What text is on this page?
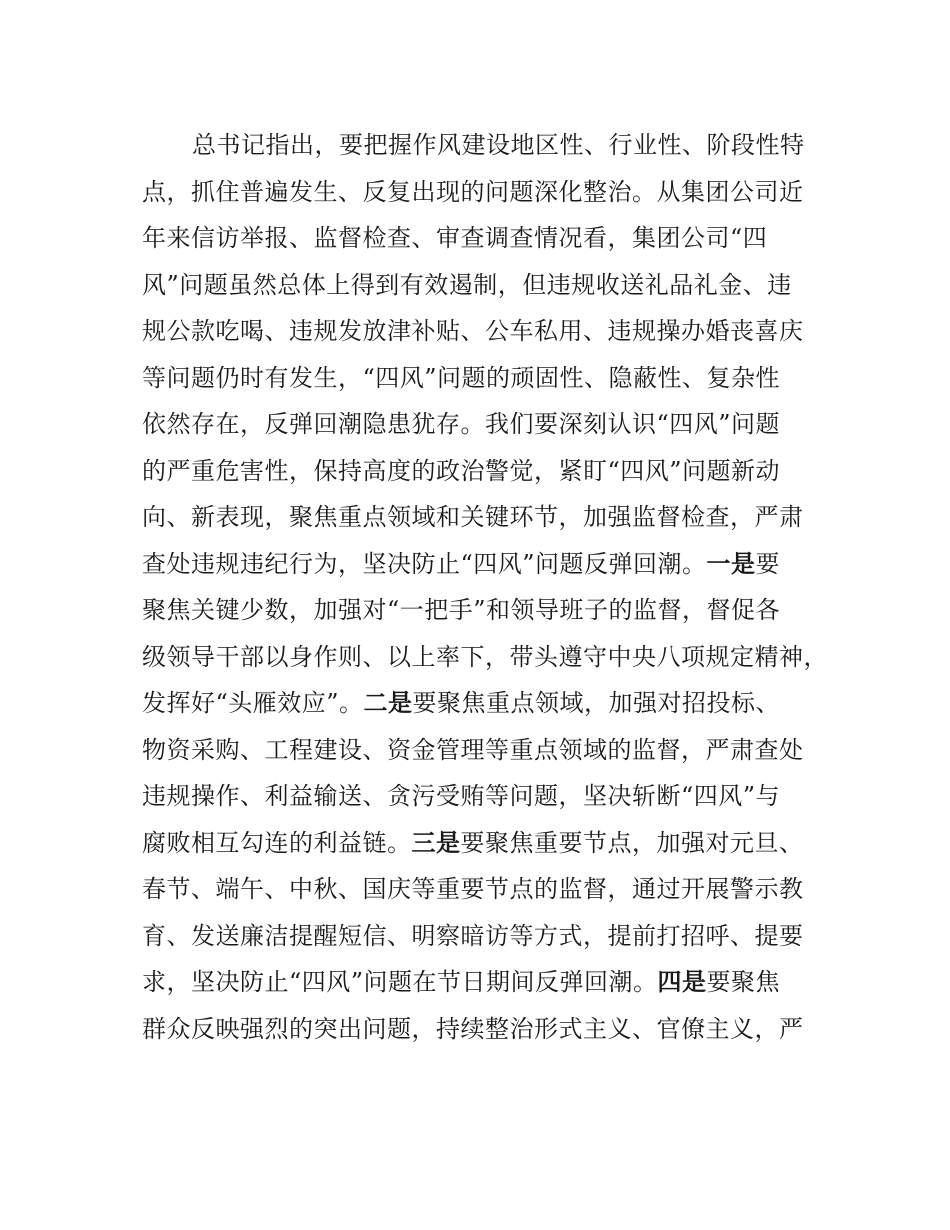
总书记指出，要把握作风建设地区性、行业性、阶段性特
点，抓住普遍发生、反复出现的问题深化整治。从集团公司近
年来信访举报、监督检查、审查调查情况看，集团公司“四
风”问题虽然总体上得到有效遏制，但违规收送礼品礼金、违
规公款吃喝、违规发放津补贴、公车私用、违规操办婚丧喜庆
等问题仍时有发生，“四风”问题的顽固性、隐蔽性、复杂性
依然存在，反弹回潮隐患犹存。我们要深刻认识“四风”问题
的严重危害性，保持高度的政治警觉，紧盯“四风”问题新动
向、新表现，聚焦重点领域和关键环节，加强监督检查，严肃
查处违规违纪行为，坚决防止“四风”问题反弹回潮。一是要
聚焦关键少数，加强对“一把手”和领导班子的监督，督促各
级领导干部以身作则、以上率下，带头遵守中央八项规定精神，
发挥好“头雁效应”。二是要聚焦重点领域，加强对招投标、
物资采购、工程建设、资金管理等重点领域的监督，严肃查处
违规操作、利益输送、贪污受贿等问题，坚决斩断“四风”与
腐败相互勾连的利益链。三是要聚焦重要节点，加强对元旦、
春节、端午、中秋、国庆等重要节点的监督，通过开展警示教
育、发送廉洁提醒短信、明察暗访等方式，提前打招呼、提要
求，坚决防止“四风”问题在节日期间反弹回潮。四是要聚焦
群众反映强烈的突出问题，持续整治形式主义、官僚主义，严
